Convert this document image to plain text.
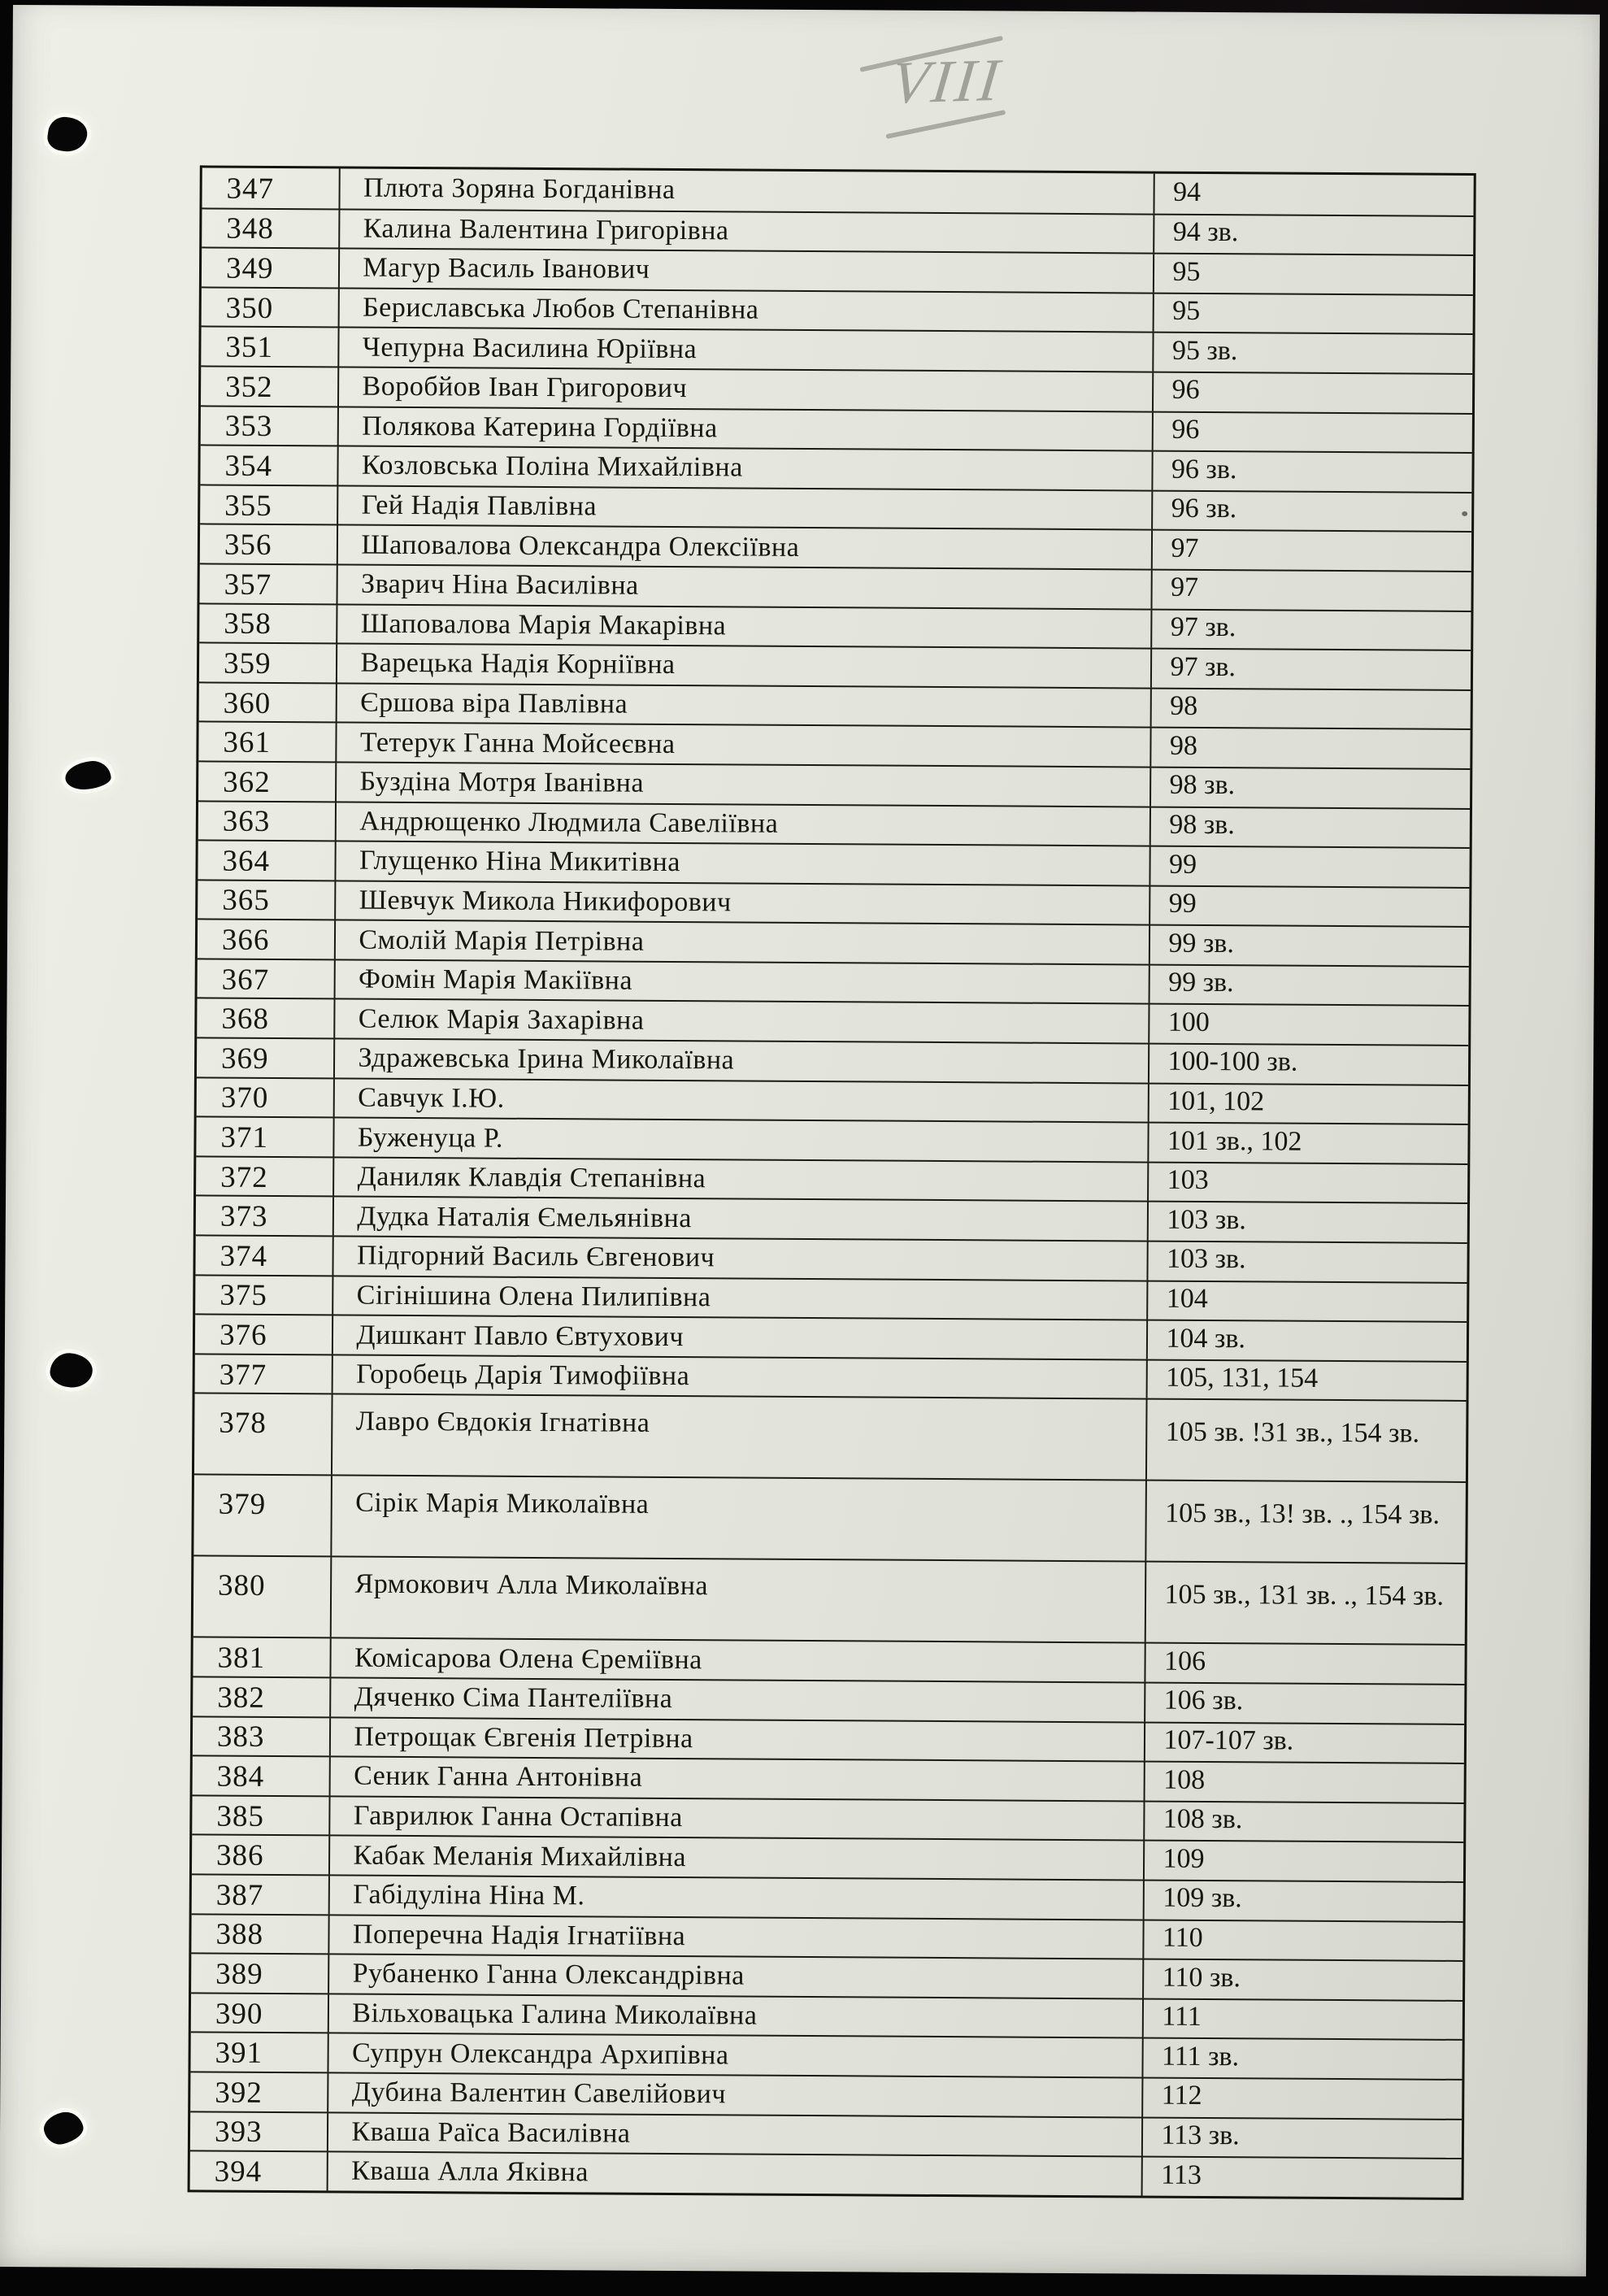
VIII
347	Плюта Зоряна Богданівна	94
348	Калина Валентина Григорівна	94 зв.
349	Магур Василь Іванович	95
350	Бериславська Любов Степанівна	95
351	Чепурна Василина Юріївна	95 зв.
352	Воробйов Іван Григорович	96
353	Полякова Катерина Гордіївна	96
354	Козловська Поліна Михайлівна	96 зв.
355	Гей Надія Павлівна	96 зв.
356	Шаповалова Олександра Олексіївна	97
357	Зварич Ніна Василівна	97
358	Шаповалова Марія Макарівна	97 зв.
359	Варецька Надія Корніївна	97 зв.
360	Єршова віра Павлівна	98
361	Тетерук Ганна Мойсеєвна	98
362	Буздіна Мотря Іванівна	98 зв.
363	Андрющенко Людмила Савеліївна	98 зв.
364	Глущенко Ніна Микитівна	99
365	Шевчук Микола Никифорович	99
366	Смолій Марія Петрівна	99 зв.
367	Фомін Марія Макіївна	99 зв.
368	Селюк Марія Захарівна	100
369	Здражевська Ірина Миколаївна	100-100 зв.
370	Савчук І.Ю.	101, 102
371	Буженуца Р.	101 зв., 102
372	Даниляк Клавдія Степанівна	103
373	Дудка Наталія Ємельянівна	103 зв.
374	Підгорний Василь Євгенович	103 зв.
375	Сігінішина Олена Пилипівна	104
376	Дишкант Павло Євтухович	104 зв.
377	Горобець Дарія Тимофіївна	105, 131, 154
378	Лавро Євдокія Ігнатівна	105 зв. !31 зв., 154 зв.
379	Сірік Марія Миколаївна	105 зв., 13! зв. ., 154 зв.
380	Ярмокович Алла Миколаївна	105 зв., 131 зв. ., 154 зв.
381	Комісарова Олена Єреміївна	106
382	Дяченко Сіма Пантеліївна	106 зв.
383	Петрощак Євгенія Петрівна	107-107 зв.
384	Сеник Ганна Антонівна	108
385	Гаврилюк Ганна Остапівна	108 зв.
386	Кабак Меланія Михайлівна	109
387	Габідуліна Ніна М.	109 зв.
388	Поперечна Надія Ігнатіївна	110
389	Рубаненко Ганна Олександрівна	110 зв.
390	Вільховацька Галина Миколаївна	111
391	Супрун Олександра Архипівна	111 зв.
392	Дубина Валентин Савелійович	112
393	Кваша Раїса Василівна	113 зв.
394	Кваша Алла Яківна	113
